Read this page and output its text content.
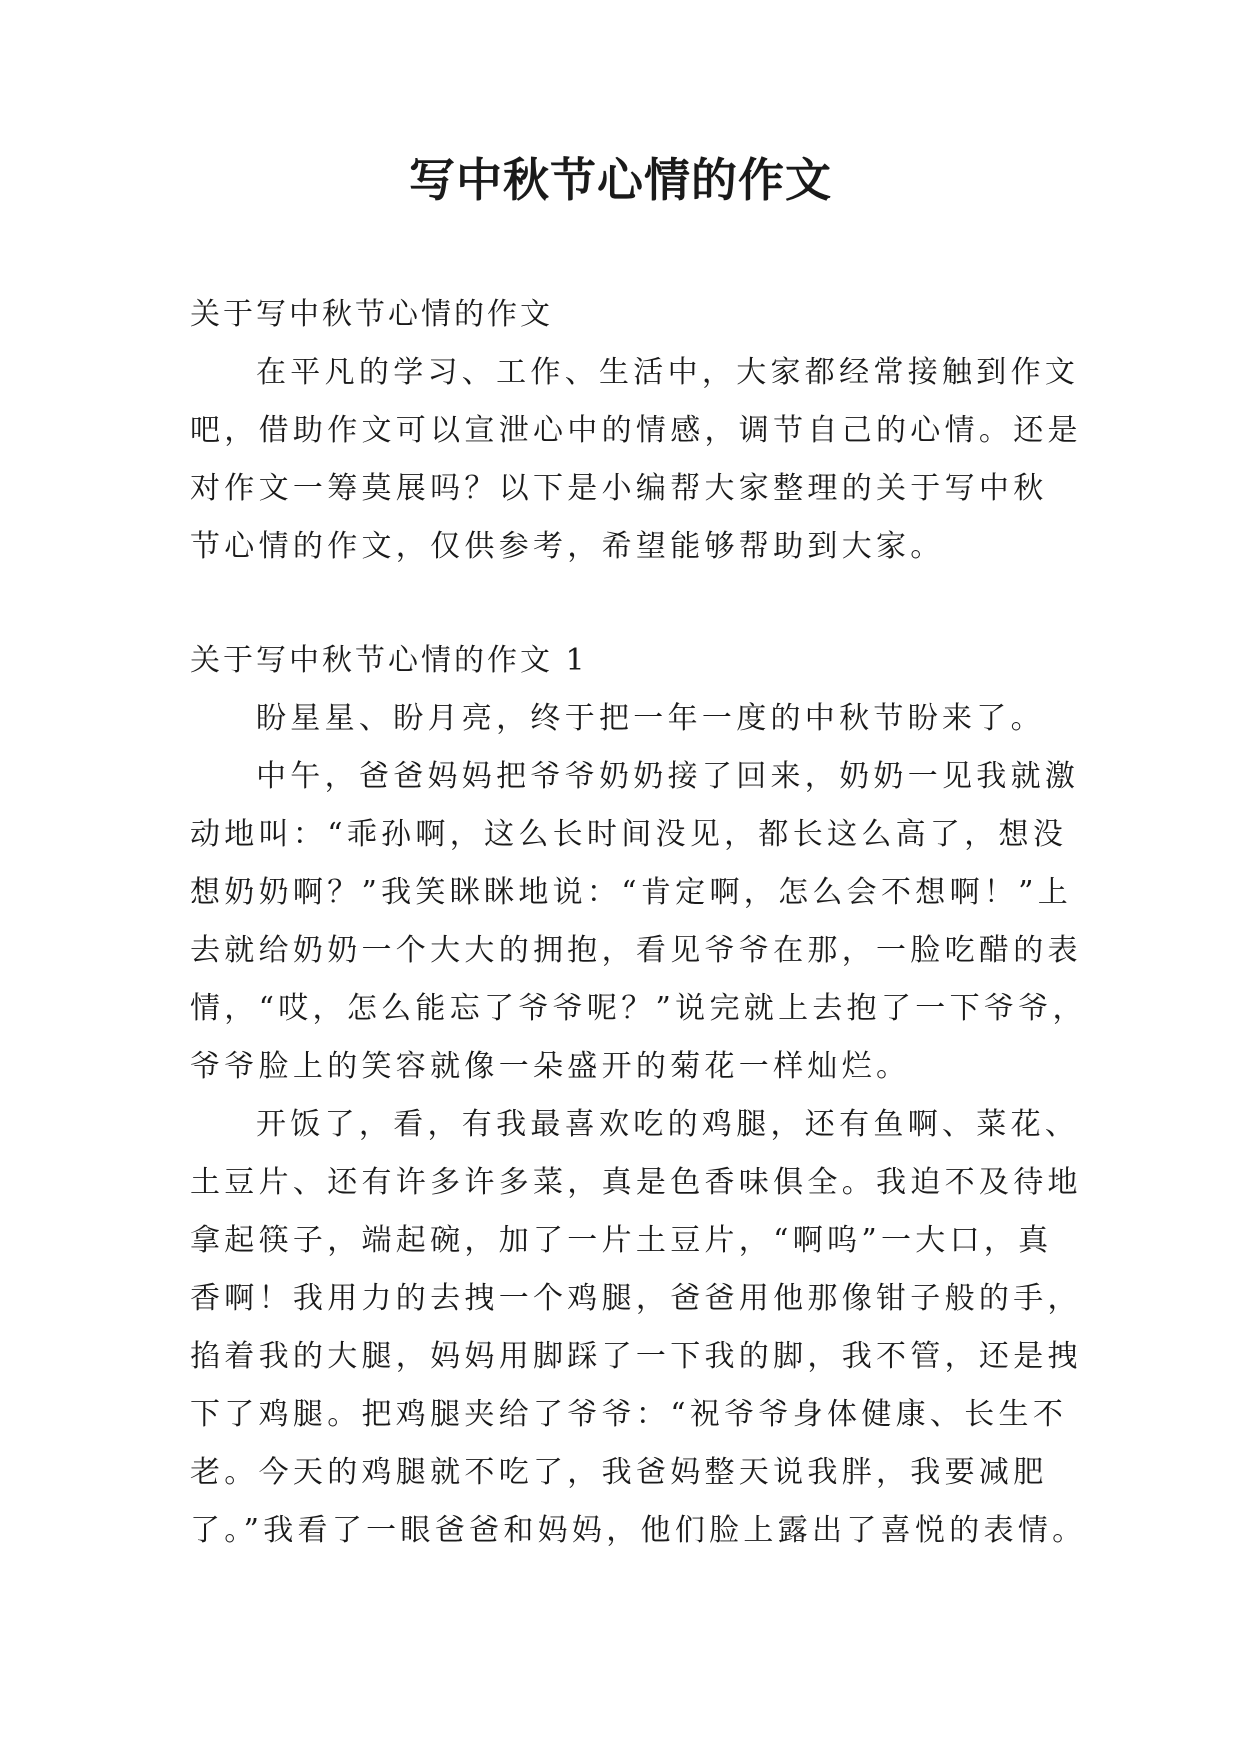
写中秋节心情的作文

关于写中秋节心情的作文

在平凡的学习、工作、生活中，大家都经常接触到作文

吧，借助作文可以宣泄心中的情感，调节自己的心情。还是

对作文一筹莫展吗？以下是小编帮大家整理的关于写中秋

节心情的作文，仅供参考，希望能够帮助到大家。

关于写中秋节心情的作文 1

盼星星、盼月亮，终于把一年一度的中秋节盼来了。

中午，爸爸妈妈把爷爷奶奶接了回来，奶奶一见我就激

动地叫：“乖孙啊，这么长时间没见，都长这么高了，想没

想奶奶啊？”我笑眯眯地说：“肯定啊，怎么会不想啊！”上

去就给奶奶一个大大的拥抱，看见爷爷在那，一脸吃醋的表

情，“哎，怎么能忘了爷爷呢？”说完就上去抱了一下爷爷，

爷爷脸上的笑容就像一朵盛开的菊花一样灿烂。

开饭了，看，有我最喜欢吃的鸡腿，还有鱼啊、菜花、

土豆片、还有许多许多菜，真是色香味俱全。我迫不及待地

拿起筷子，端起碗，加了一片土豆片，“啊呜”一大口，真

香啊！我用力的去拽一个鸡腿，爸爸用他那像钳子般的手，

掐着我的大腿，妈妈用脚踩了一下我的脚，我不管，还是拽

下了鸡腿。把鸡腿夹给了爷爷：“祝爷爷身体健康、长生不

老。今天的鸡腿就不吃了，我爸妈整天说我胖，我要减肥

了。”我看了一眼爸爸和妈妈，他们脸上露出了喜悦的表情。
